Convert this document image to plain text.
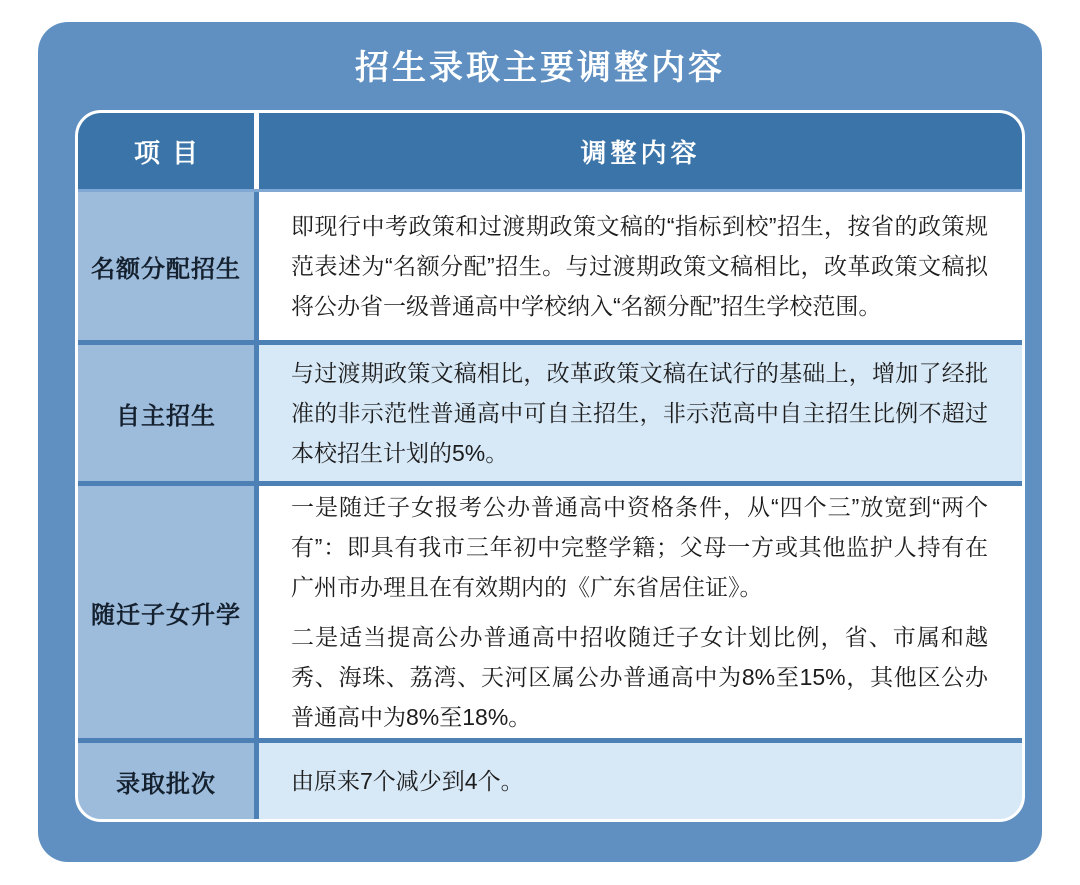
招生录取主要调整内容
项目	调整内容
名额分配招生

即现行中考政策和过渡期政策文稿的“指标到校”招生，按省的政策规范表述为“名额分配”招生。与过渡期政策文稿相比，改革政策文稿拟将公办省一级普通高中学校纳入“名额分配”招生学校范围。

自主招生

与过渡期政策文稿相比，改革政策文稿在试行的基础上，增加了经批准的非示范性普通高中可自主招生，非示范高中自主招生比例不超过本校招生计划的5%。

随迁子女升学

一是随迁子女报考公办普通高中资格条件，从“四个三”放宽到“两个有”：即具有我市三年初中完整学籍；父母一方或其他监护人持有在广州市办理且在有效期内的《广东省居住证》。

二是适当提高公办普通高中招收随迁子女计划比例，省、市属和越秀、海珠、荔湾、天河区属公办普通高中为8%至15%，其他区公办普通高中为8%至18%。

录取批次	由原来7个减少到4个。
